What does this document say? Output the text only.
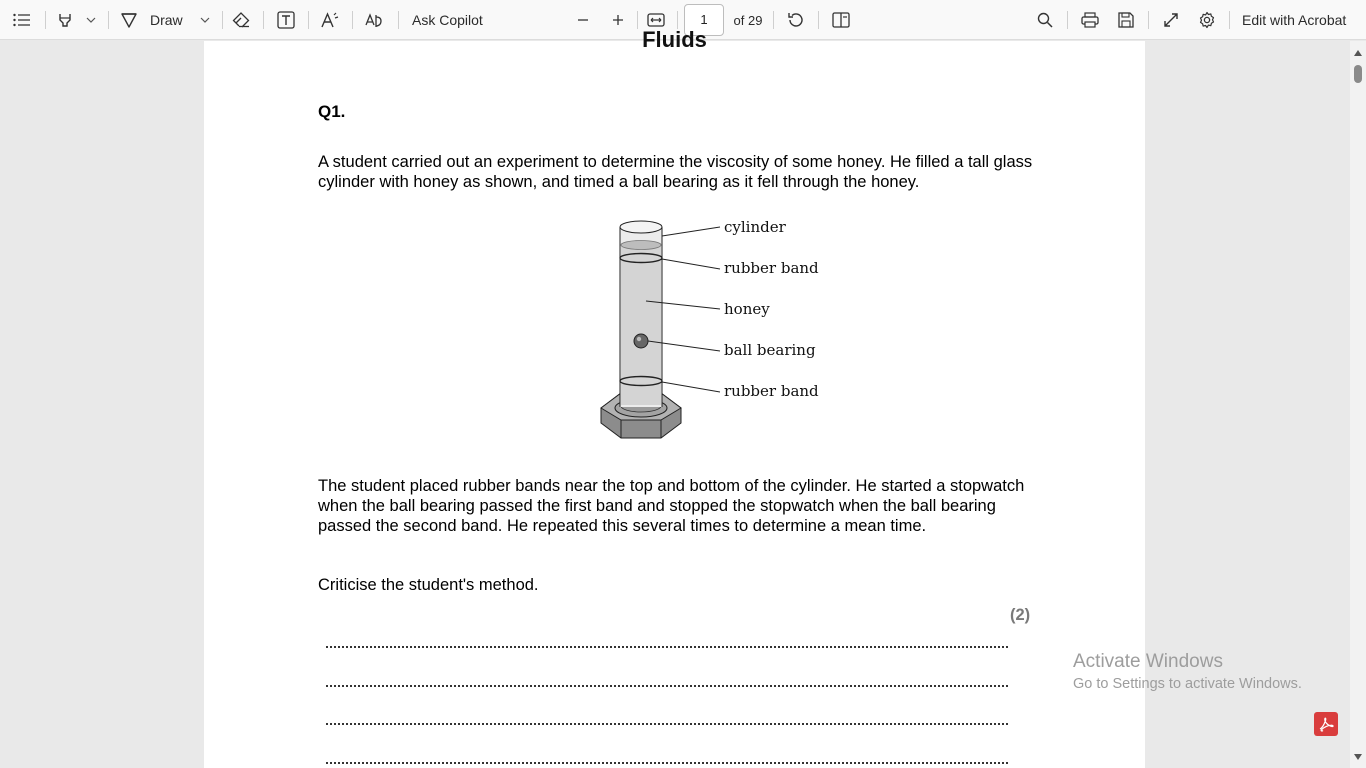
Draw	Ask Copilot	1	of 29	Edit with Acrobat
Fluids
Q1.
A student carried out an experiment to determine the viscosity of some honey. He filled a tall glass cylinder with honey as shown, and timed a ball bearing as it fell through the honey.
cylinder
rubber band
honey
ball bearing
rubber band
The student placed rubber bands near the top and bottom of the cylinder. He started a stopwatch when the ball bearing passed the first band and stopped the stopwatch when the ball bearing passed the second band. He repeated this several times to determine a mean time.
Criticise the student's method.
(2)
Activate Windows
Go to Settings to activate Windows.
